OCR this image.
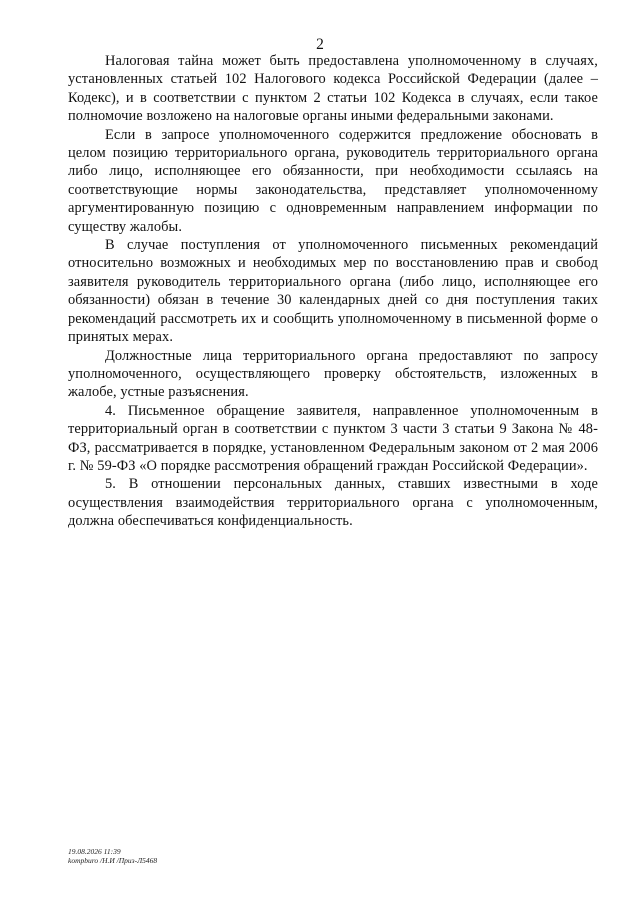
2

Налоговая тайна может быть предоставлена уполномоченному в случаях, установленных статьей 102 Налогового кодекса Российской Федерации (далее – Кодекс), и в соответствии с пунктом 2 статьи 102 Кодекса в случаях, если такое полномочие возложено на налоговые органы иными федеральными законами.

Если в запросе уполномоченного содержится предложение обосновать в целом позицию территориального органа, руководитель территориального органа либо лицо, исполняющее его обязанности, при необходимости ссылаясь на соответствующие нормы законодательства, представляет уполномоченному аргументированную позицию с одновременным направлением информации по существу жалобы.

В случае поступления от уполномоченного письменных рекомендаций относительно возможных и необходимых мер по восстановлению прав и свобод заявителя руководитель территориального органа (либо лицо, исполняющее его обязанности) обязан в течение 30 календарных дней со дня поступления таких рекомендаций рассмотреть их и сообщить уполномоченному в письменной форме о принятых мерах.

Должностные лица территориального органа предоставляют по запросу уполномоченного, осуществляющего проверку обстоятельств, изложенных в жалобе, устные разъяснения.

4. Письменное обращение заявителя, направленное уполномоченным в территориальный орган в соответствии с пунктом 3 части 3 статьи 9 Закона № 48-ФЗ, рассматривается в порядке, установленном Федеральным законом от 2 мая 2006 г. № 59-ФЗ «О порядке рассмотрения обращений граждан Российской Федерации».

5. В отношении персональных данных, ставших известными в ходе осуществления взаимодействия территориального органа с уполномоченным, должна обеспечиваться конфиденциальность.

19.08.2026 11:39
kompburo /Н.И /Приз-Л5468
